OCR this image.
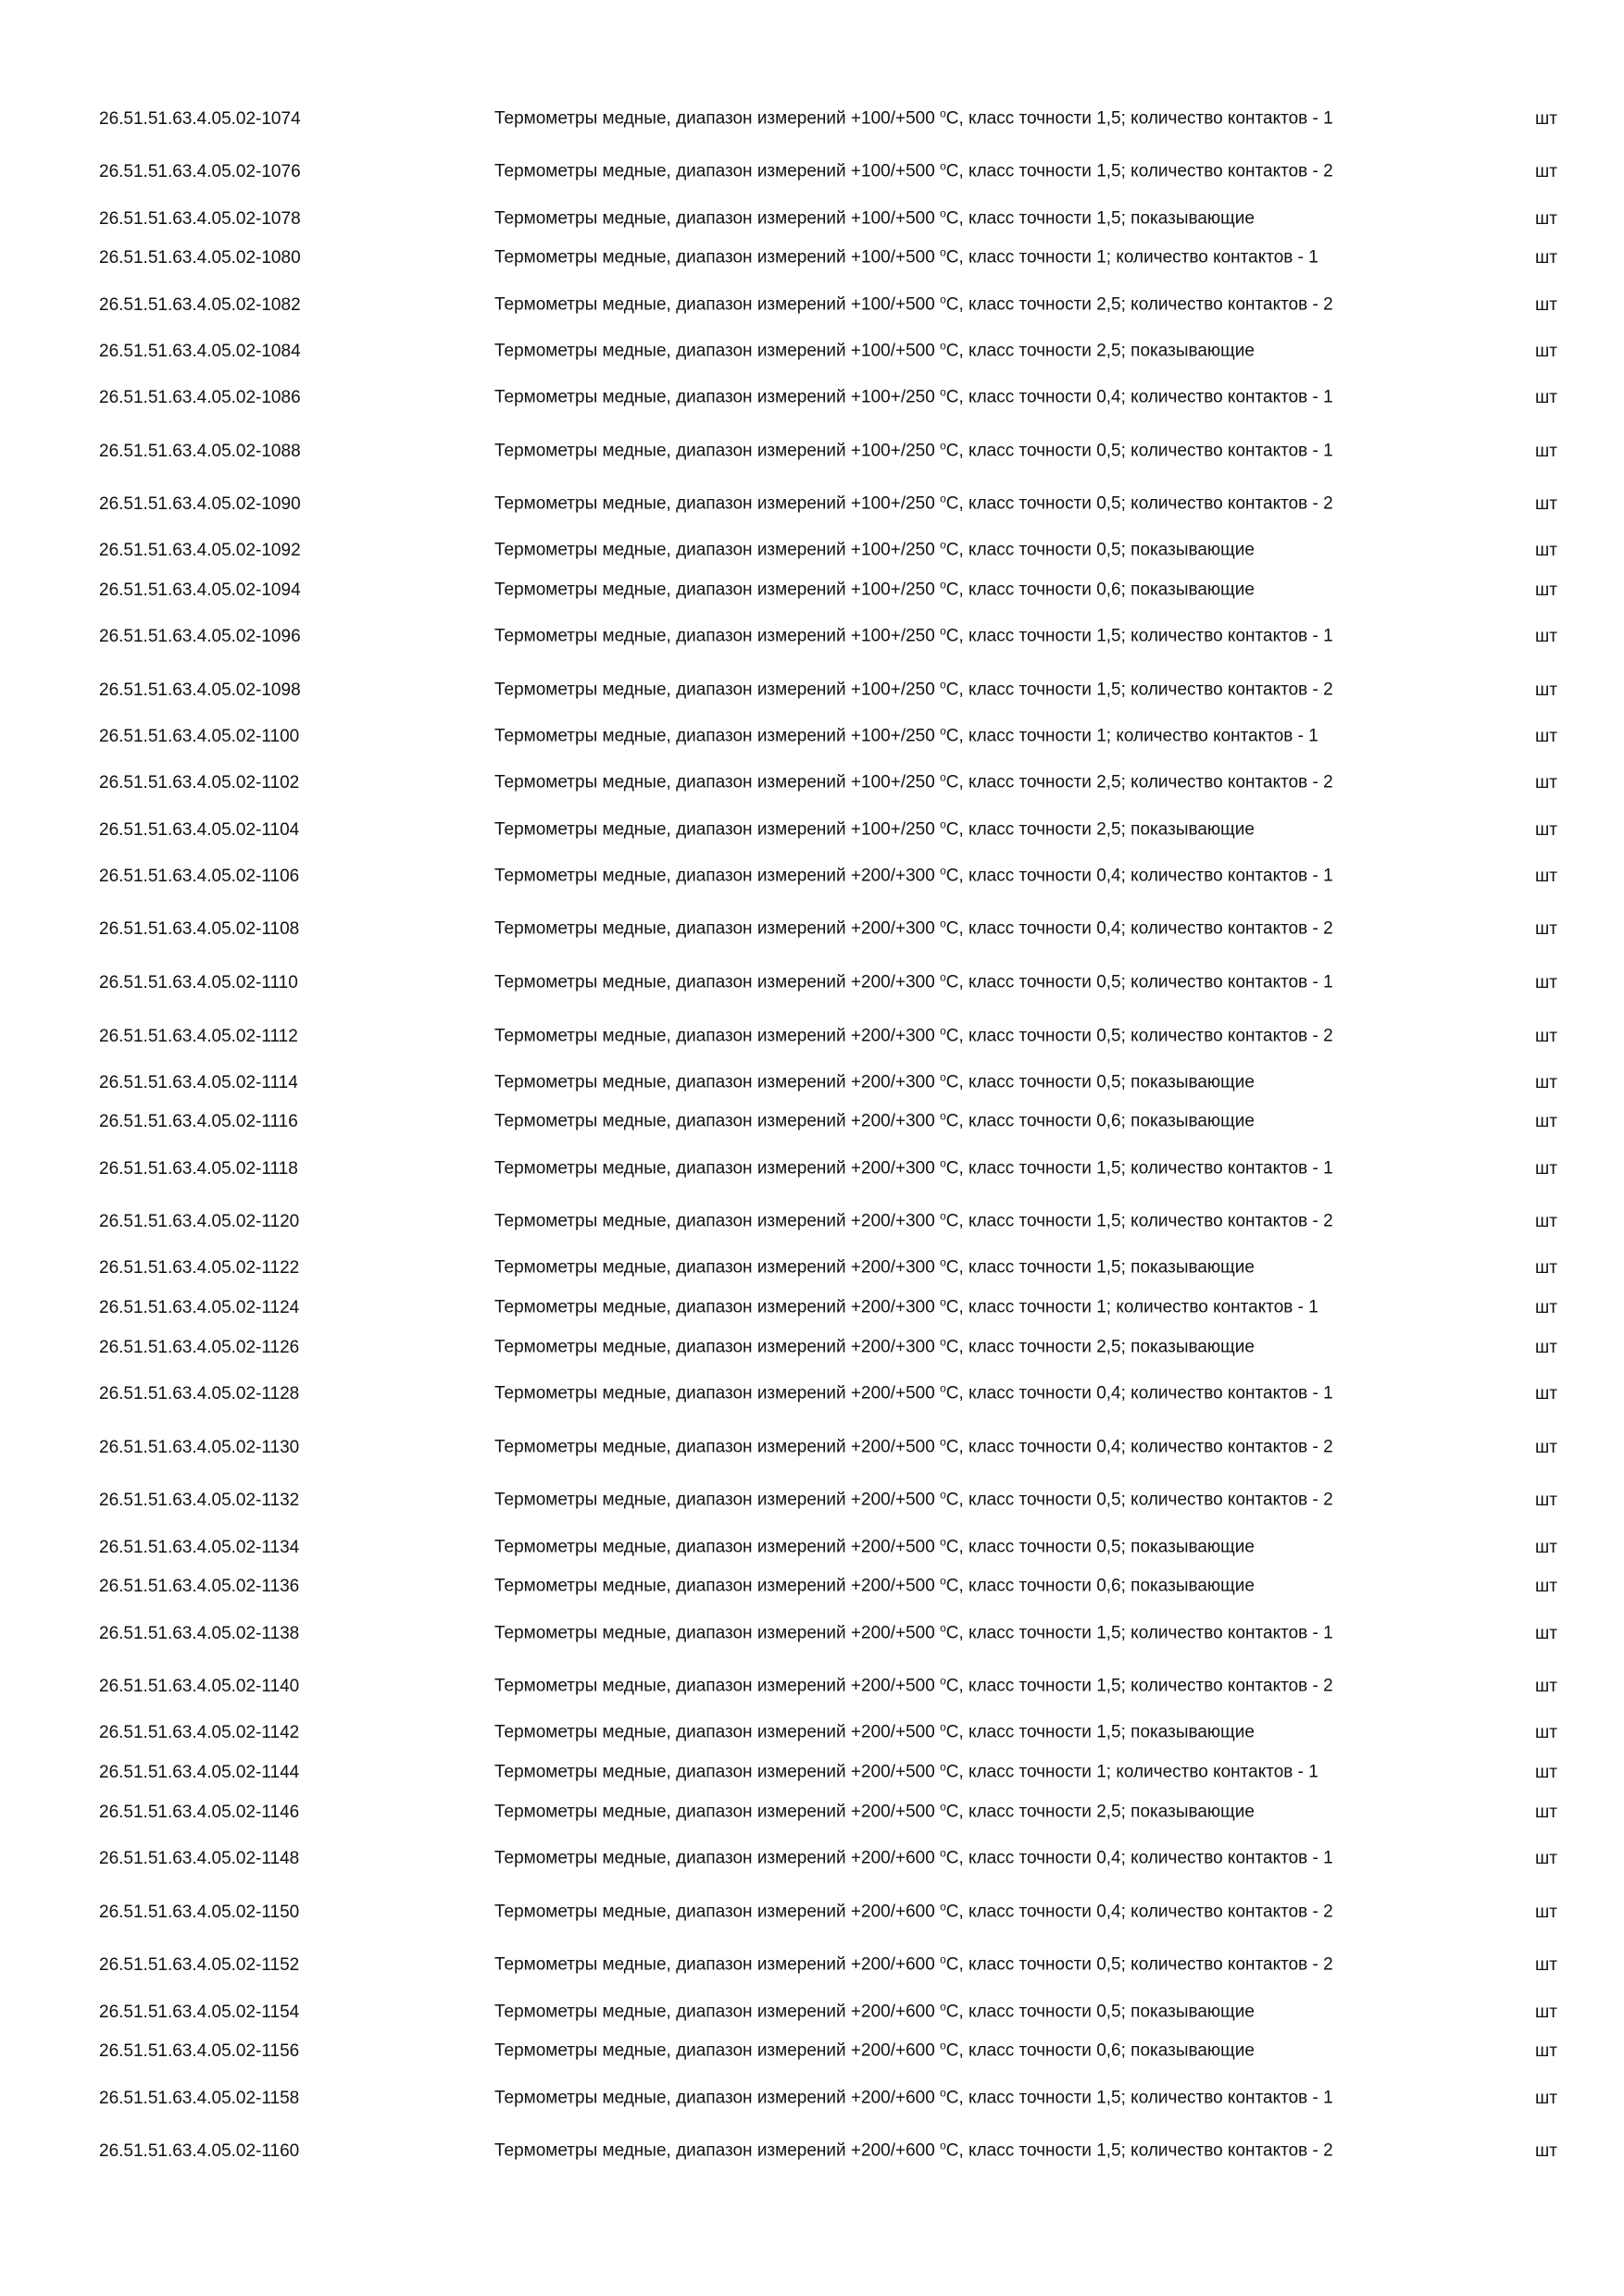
26.51.51.63.4.05.02-1074	Термометры медные, диапазон измерений +100/+500 $^o$С, класс точности 1,5; количество контактов - 1	шт
26.51.51.63.4.05.02-1076	Термометры медные, диапазон измерений +100/+500 $^o$С, класс точности 1,5; количество контактов - 2	шт
26.51.51.63.4.05.02-1078	Термометры медные, диапазон измерений +100/+500 $^o$С, класс точности 1,5; показывающие	шт
26.51.51.63.4.05.02-1080	Термометры медные, диапазон измерений +100/+500 $^o$С, класс точности 1; количество контактов - 1	шт
26.51.51.63.4.05.02-1082	Термометры медные, диапазон измерений +100/+500 $^o$С, класс точности 2,5; количество контактов - 2	шт
26.51.51.63.4.05.02-1084	Термометры медные, диапазон измерений +100/+500 $^o$С, класс точности 2,5; показывающие	шт
26.51.51.63.4.05.02-1086	Термометры медные, диапазон измерений +100+/250 $^o$С, класс точности 0,4; количество контактов - 1	шт
26.51.51.63.4.05.02-1088	Термометры медные, диапазон измерений +100+/250 $^o$С, класс точности 0,5; количество контактов - 1	шт
26.51.51.63.4.05.02-1090	Термометры медные, диапазон измерений +100+/250 $^o$С, класс точности 0,5; количество контактов - 2	шт
26.51.51.63.4.05.02-1092	Термометры медные, диапазон измерений +100+/250 $^o$С, класс точности 0,5; показывающие	шт
26.51.51.63.4.05.02-1094	Термометры медные, диапазон измерений +100+/250 $^o$С, класс точности 0,6; показывающие	шт
26.51.51.63.4.05.02-1096	Термометры медные, диапазон измерений +100+/250 $^o$С, класс точности 1,5; количество контактов - 1	шт
26.51.51.63.4.05.02-1098	Термометры медные, диапазон измерений +100+/250 $^o$С, класс точности 1,5; количество контактов - 2	шт
26.51.51.63.4.05.02-1100	Термометры медные, диапазон измерений +100+/250 $^o$С, класс точности 1; количество контактов - 1	шт
26.51.51.63.4.05.02-1102	Термометры медные, диапазон измерений +100+/250 $^o$С, класс точности 2,5; количество контактов - 2	шт
26.51.51.63.4.05.02-1104	Термометры медные, диапазон измерений +100+/250 $^o$С, класс точности 2,5; показывающие	шт
26.51.51.63.4.05.02-1106	Термометры медные, диапазон измерений +200/+300 $^o$С, класс точности 0,4; количество контактов - 1	шт
26.51.51.63.4.05.02-1108	Термометры медные, диапазон измерений +200/+300 $^o$С, класс точности 0,4; количество контактов - 2	шт
26.51.51.63.4.05.02-1110	Термометры медные, диапазон измерений +200/+300 $^o$С, класс точности 0,5; количество контактов - 1	шт
26.51.51.63.4.05.02-1112	Термометры медные, диапазон измерений +200/+300 $^o$С, класс точности 0,5; количество контактов - 2	шт
26.51.51.63.4.05.02-1114	Термометры медные, диапазон измерений +200/+300 $^o$С, класс точности 0,5; показывающие	шт
26.51.51.63.4.05.02-1116	Термометры медные, диапазон измерений +200/+300 $^o$С, класс точности 0,6; показывающие	шт
26.51.51.63.4.05.02-1118	Термометры медные, диапазон измерений +200/+300 $^o$С, класс точности 1,5; количество контактов - 1	шт
26.51.51.63.4.05.02-1120	Термометры медные, диапазон измерений +200/+300 $^o$С, класс точности 1,5; количество контактов - 2	шт
26.51.51.63.4.05.02-1122	Термометры медные, диапазон измерений +200/+300 $^o$С, класс точности 1,5; показывающие	шт
26.51.51.63.4.05.02-1124	Термометры медные, диапазон измерений +200/+300 $^o$С, класс точности 1; количество контактов - 1	шт
26.51.51.63.4.05.02-1126	Термометры медные, диапазон измерений +200/+300 $^o$С, класс точности 2,5; показывающие	шт
26.51.51.63.4.05.02-1128	Термометры медные, диапазон измерений +200/+500 $^o$С, класс точности 0,4; количество контактов - 1	шт
26.51.51.63.4.05.02-1130	Термометры медные, диапазон измерений +200/+500 $^o$С, класс точности 0,4; количество контактов - 2	шт
26.51.51.63.4.05.02-1132	Термометры медные, диапазон измерений +200/+500 $^o$С, класс точности 0,5; количество контактов - 2	шт
26.51.51.63.4.05.02-1134	Термометры медные, диапазон измерений +200/+500 $^o$С, класс точности 0,5; показывающие	шт
26.51.51.63.4.05.02-1136	Термометры медные, диапазон измерений +200/+500 $^o$С, класс точности 0,6; показывающие	шт
26.51.51.63.4.05.02-1138	Термометры медные, диапазон измерений +200/+500 $^o$С, класс точности 1,5; количество контактов - 1	шт
26.51.51.63.4.05.02-1140	Термометры медные, диапазон измерений +200/+500 $^o$С, класс точности 1,5; количество контактов - 2	шт
26.51.51.63.4.05.02-1142	Термометры медные, диапазон измерений +200/+500 $^o$С, класс точности 1,5; показывающие	шт
26.51.51.63.4.05.02-1144	Термометры медные, диапазон измерений +200/+500 $^o$С, класс точности 1; количество контактов - 1	шт
26.51.51.63.4.05.02-1146	Термометры медные, диапазон измерений +200/+500 $^o$С, класс точности 2,5; показывающие	шт
26.51.51.63.4.05.02-1148	Термометры медные, диапазон измерений +200/+600 $^o$С, класс точности 0,4; количество контактов - 1	шт
26.51.51.63.4.05.02-1150	Термометры медные, диапазон измерений +200/+600 $^o$С, класс точности 0,4; количество контактов - 2	шт
26.51.51.63.4.05.02-1152	Термометры медные, диапазон измерений +200/+600 $^o$С, класс точности 0,5; количество контактов - 2	шт
26.51.51.63.4.05.02-1154	Термометры медные, диапазон измерений +200/+600 $^o$С, класс точности 0,5; показывающие	шт
26.51.51.63.4.05.02-1156	Термометры медные, диапазон измерений +200/+600 $^o$С, класс точности 0,6; показывающие	шт
26.51.51.63.4.05.02-1158	Термометры медные, диапазон измерений +200/+600 $^o$С, класс точности 1,5; количество контактов - 1	шт
26.51.51.63.4.05.02-1160	Термометры медные, диапазон измерений +200/+600 $^o$С, класс точности 1,5; количество контактов - 2	шт
